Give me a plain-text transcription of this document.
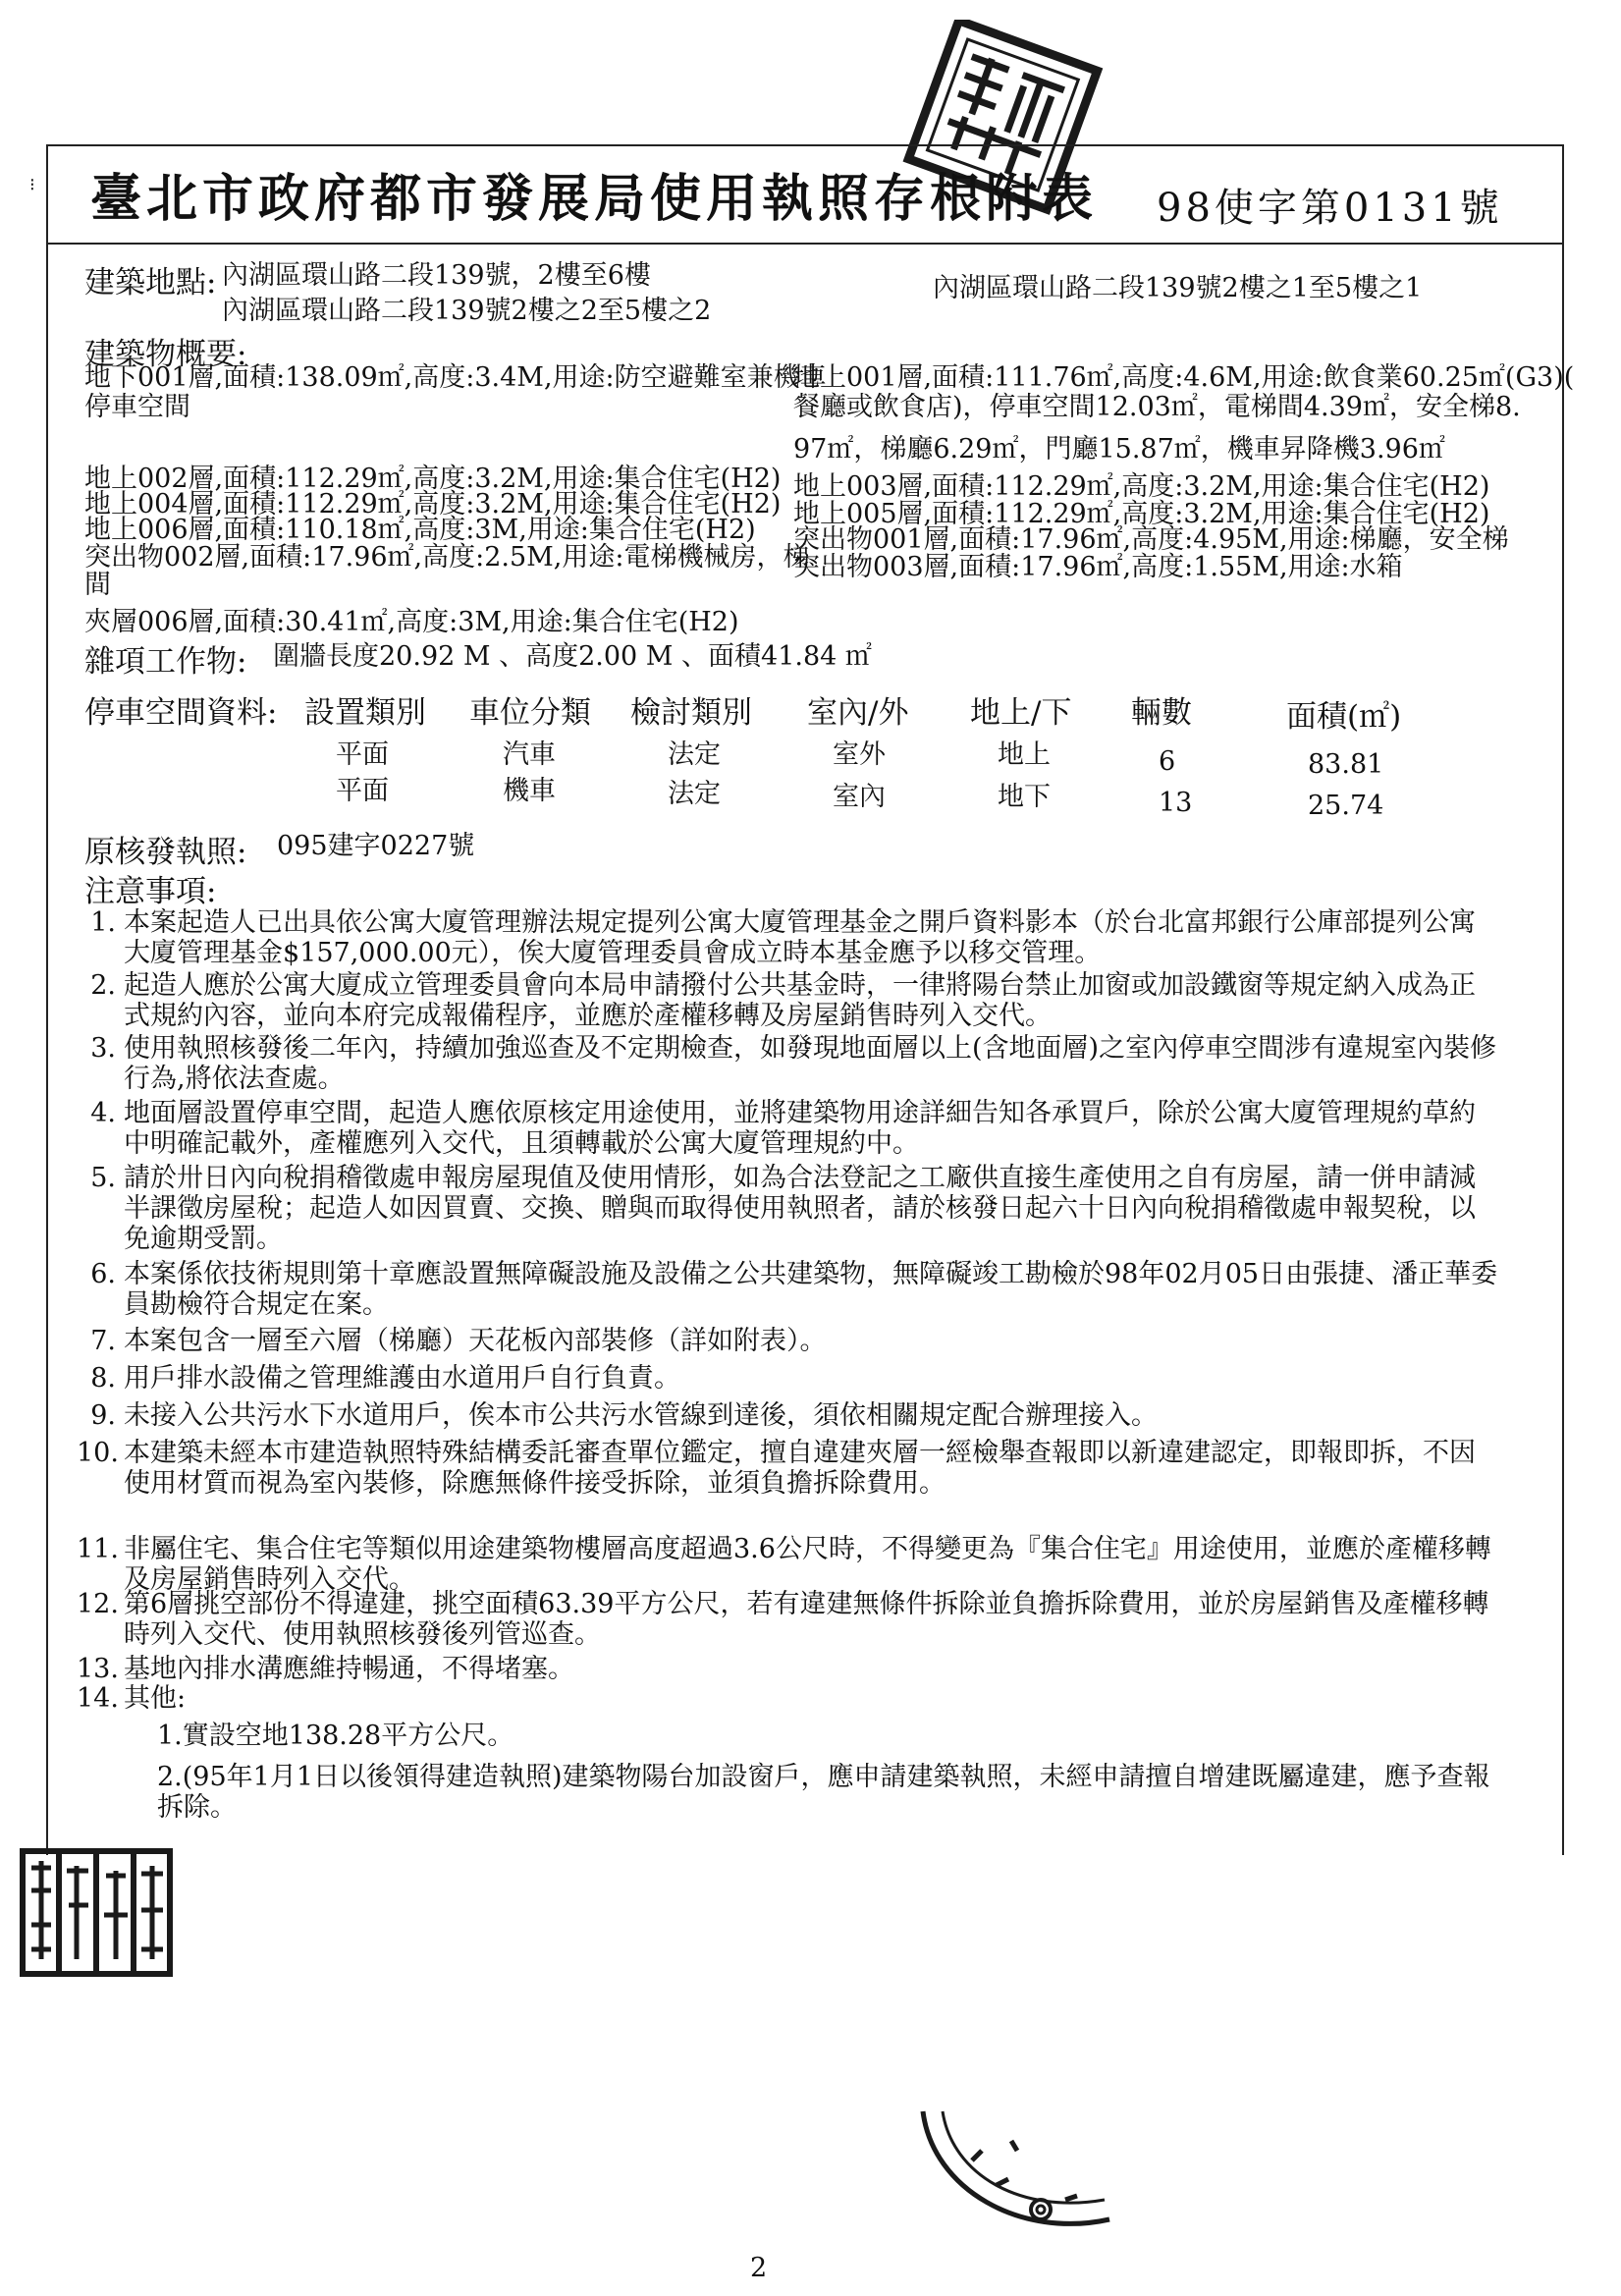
⁝ 臺北市政府都市發展局使用執照存根附表 98使字第0131號
建築地點: 內湖區環山路二段139號，2樓至6樓	內湖區環山路二段139號2樓之1至5樓之1
內湖區環山路二段139號2樓之2至5樓之2
建築物概要:
地下001層,面積:138.09㎡,高度:3.4M,用途:防空避難室兼機車
停車空間
地上002層,面積:112.29㎡,高度:3.2M,用途:集合住宅(H2)
地上004層,面積:112.29㎡,高度:3.2M,用途:集合住宅(H2)
地上006層,面積:110.18㎡,高度:3M,用途:集合住宅(H2)
突出物002層,面積:17.96㎡,高度:2.5M,用途:電梯機械房，梯
間
夾層006層,面積:30.41㎡,高度:3M,用途:集合住宅(H2)
地上001層,面積:111.76㎡,高度:4.6M,用途:飲食業60.25㎡(G3)(
餐廳或飲食店)，停車空間12.03㎡，電梯間4.39㎡，安全梯8.
97㎡，梯廳6.29㎡，門廳15.87㎡，機車昇降機3.96㎡
地上003層,面積:112.29㎡,高度:3.2M,用途:集合住宅(H2)
地上005層,面積:112.29㎡,高度:3.2M,用途:集合住宅(H2)
突出物001層,面積:17.96㎡,高度:4.95M,用途:梯廳，安全梯
突出物003層,面積:17.96㎡,高度:1.55M,用途:水箱
雜項工作物: 圍牆長度20.92 M 、高度2.00 M 、面積41.84 ㎡
停車空間資料: 設置類別 車位分類 檢討類別 室內/外 地上/下 輛數	面積(㎡)
平面	汽車	法定	室外	地上	6	83.81
平面	機車	法定	室內	地下	13	25.74
原核發執照: 095建字0227號
注意事項:
1. 本案起造人已出具依公寓大廈管理辦法規定提列公寓大廈管理基金之開戶資料影本（於台北富邦銀行公庫部提列公寓大廈管理基金$157,000.00元），俟大廈管理委員會成立時本基金應予以移交管理。
2. 起造人應於公寓大廈成立管理委員會向本局申請撥付公共基金時，一律將陽台禁止加窗或加設鐵窗等規定納入成為正式規約內容，並向本府完成報備程序，並應於產權移轉及房屋銷售時列入交代。
3. 使用執照核發後二年內，持續加強巡查及不定期檢查，如發現地面層以上(含地面層)之室內停車空間涉有違規室內裝修行為,將依法查處。
4. 地面層設置停車空間，起造人應依原核定用途使用，並將建築物用途詳細告知各承買戶，除於公寓大廈管理規約草約中明確記載外，產權應列入交代，且須轉載於公寓大廈管理規約中。
5. 請於卅日內向稅捐稽徵處申報房屋現值及使用情形，如為合法登記之工廠供直接生產使用之自有房屋，請一併申請減半課徵房屋稅；起造人如因買賣、交換、贈與而取得使用執照者，請於核發日起六十日內向稅捐稽徵處申報契稅，以免逾期受罰。
6. 本案係依技術規則第十章應設置無障礙設施及設備之公共建築物，無障礙竣工勘檢於98年02月05日由張捷、潘正華委員勘檢符合規定在案。
7. 本案包含一層至六層（梯廳）天花板內部裝修（詳如附表）。
8. 用戶排水設備之管理維護由水道用戶自行負責。
9. 未接入公共污水下水道用戶，俟本市公共污水管線到達後，須依相關規定配合辦理接入。
10. 本建築未經本市建造執照特殊結構委託審查單位鑑定，擅自違建夾層一經檢舉查報即以新違建認定，即報即拆，不因使用材質而視為室內裝修，除應無條件接受拆除，並須負擔拆除費用。
11. 非屬住宅、集合住宅等類似用途建築物樓層高度超過3.6公尺時，不得變更為『集合住宅』用途使用，並應於產權移轉及房屋銷售時列入交代。
12. 第6層挑空部份不得違建，挑空面積63.39平方公尺，若有違建無條件拆除並負擔拆除費用，並於房屋銷售及產權移轉時列入交代、使用執照核發後列管巡查。
13. 基地內排水溝應維持暢通，不得堵塞。
14. 其他:
1.實設空地138.28平方公尺。
2.(95年1月1日以後領得建造執照)建築物陽台加設窗戶，應申請建築執照，未經申請擅自增建既屬違建，應予查報拆除。
2
